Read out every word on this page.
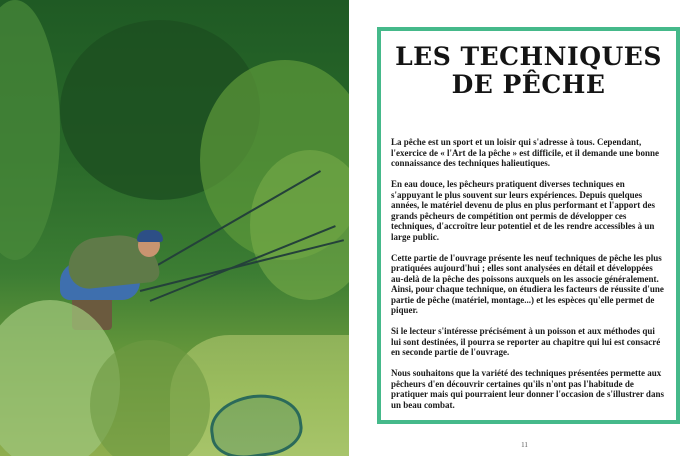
LES TECHNIQUES
DE PÊCHE

La pêche est un sport et un loisir qui s'adresse à tous. Cependant, l'exercice de « l'Art de la pêche » est difficile, et il demande une bonne connaissance des techniques halieutiques.

En eau douce, les pêcheurs pratiquent diverses techniques en s'appuyant le plus souvent sur leurs expériences. Depuis quelques années, le matériel devenu de plus en plus performant et l'apport des grands pêcheurs de compétition ont permis de développer ces techniques, d'accroître leur potentiel et de les rendre accessibles à un large public.

Cette partie de l'ouvrage présente les neuf techniques de pêche les plus pratiquées aujourd'hui ; elles sont analysées en détail et développées au-delà de la pêche des poissons auxquels on les associe généralement. Ainsi, pour chaque technique, on étudiera les facteurs de réussite d'une partie de pêche (matériel, montage...) et les espèces qu'elle permet de piquer.

Si le lecteur s'intéresse précisément à un poisson et aux méthodes qui lui sont destinées, il pourra se reporter au chapitre qui lui est consacré en seconde partie de l'ouvrage.

Nous souhaitons que la variété des techniques présentées permette aux pêcheurs d'en découvrir certaines qu'ils n'ont pas l'habitude de pratiquer mais qui pourraient leur donner l'occasion de s'illustrer dans un beau combat.

11
